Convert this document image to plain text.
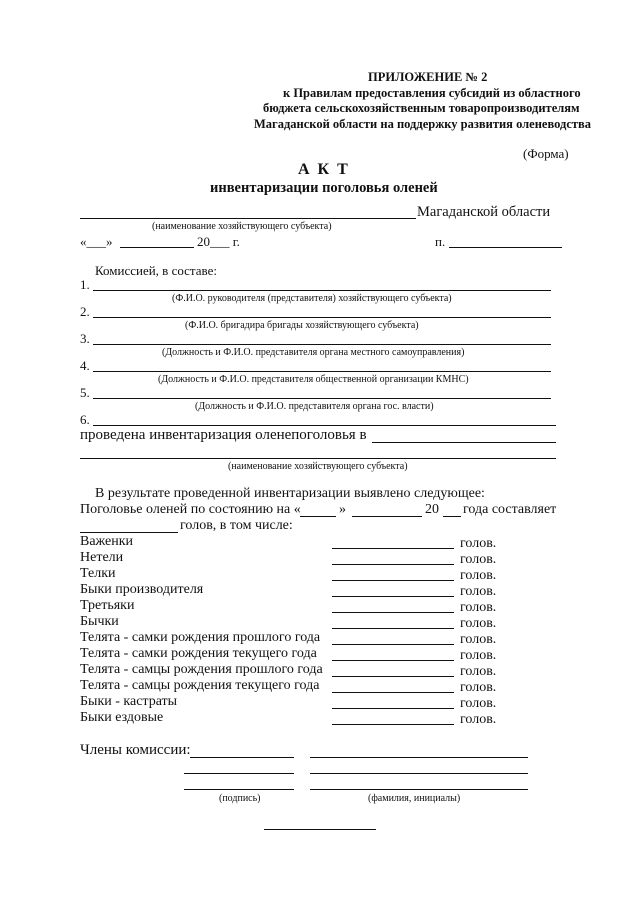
ПРИЛОЖЕНИЕ № 2
к Правилам предоставления субсидий из областного
бюджета сельскохозяйственным товаропроизводителям
Магаданской области на поддержку развития оленеводства
(Форма)
А К Т
инвентаризации поголовья оленей
Магаданской области
(наименование хозяйствующего субъекта)
«___»	20___ г.	п.
Комиссией, в составе:
1.
(Ф.И.О. руководителя (представителя) хозяйствующего субъекта)
2.
(Ф.И.О. бригадира бригады хозяйствующего субъекта)
3.
(Должность и Ф.И.О. представителя органа местного самоуправления)
4.
(Должность и Ф.И.О. представителя общественной организации КМНС)
5.
(Должность и Ф.И.О. представителя органа гос. власти)
6.
проведена инвентаризация оленепоголовья в
(наименование хозяйствующего субъекта)
В результате проведенной инвентаризации выявлено следующее:
Поголовье оленей по состоянию на «	»	20 года составляет
голов, в том числе:
Важенки	голов.
Нетели	голов.
Телки	голов.
Быки производителя	голов.
Третьяки	голов.
Бычки	голов.
Телята - самки рождения прошлого года	голов.
Телята - самки рождения текущего года	голов.
Телята - самцы рождения прошлого года	голов.
Телята - самцы рождения текущего года	голов.
Быки - кастраты	голов.
Быки ездовые	голов.
Члены комиссии:
(подпись)	(фамилия, инициалы)
